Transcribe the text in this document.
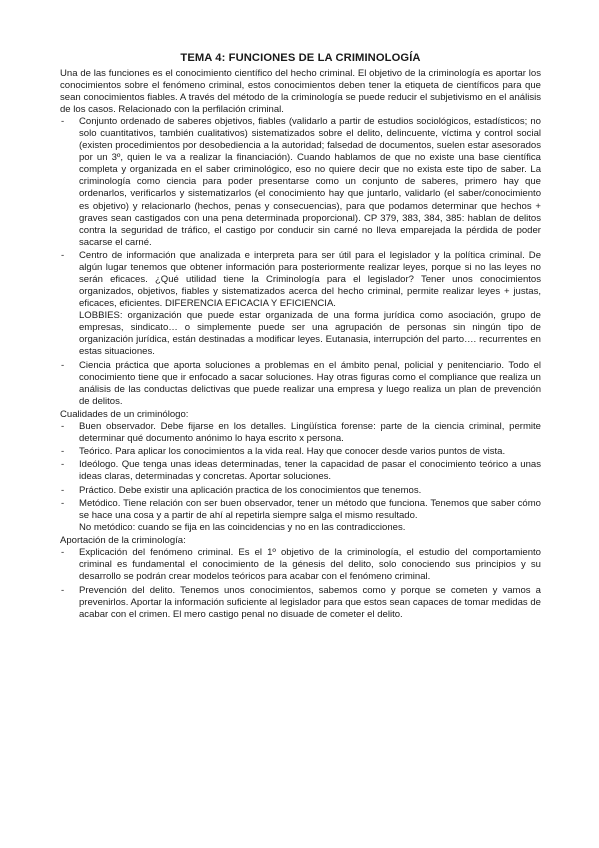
TEMA 4: FUNCIONES DE LA CRIMINOLOGÍA

Una de las funciones es el conocimiento científico del hecho criminal. El objetivo de la criminología es aportar los conocimientos sobre el fenómeno criminal, estos conocimientos deben tener la etiqueta de científicos para que sean conocimientos fiables. A través del método de la criminología se puede reducir el subjetivismo en el análisis de los casos. Relacionado con la perfilación criminal.

- Conjunto ordenado de saberes objetivos, fiables (validarlo a partir de estudios sociológicos, estadísticos; no solo cuantitativos, también cualitativos) sistematizados sobre el delito, delincuente, víctima y control social (existen procedimientos por desobediencia a la autoridad; falsedad de documentos, suelen estar asesorados por un 3º, quien le va a realizar la financiación). Cuando hablamos de que no existe una base científica completa y organizada en el saber criminológico, eso no quiere decir que no exista este tipo de saber. La criminología como ciencia para poder presentarse como un conjunto de saberes, primero hay que ordenarlos, verificarlos y sistematizarlos (el conocimiento hay que juntarlo, validarlo (el saber/conocimiento es objetivo) y relacionarlo (hechos, penas y consecuencias), para que podamos determinar que hechos + graves sean castigados con una pena determinada proporcional). CP 379, 383, 384, 385: hablan de delitos contra la seguridad de tráfico, el castigo por conducir sin carné no lleva emparejada la pérdida de poder sacarse el carné.
- Centro de información que analizada e interpreta para ser útil para el legislador y la política criminal. De algún lugar tenemos que obtener información para posteriormente realizar leyes, porque si no las leyes no serán eficaces. ¿Qué utilidad tiene la Criminología para el legislador? Tener unos conocimientos organizados, objetivos, fiables y sistematizados acerca del hecho criminal, permite realizar leyes + justas, eficaces, eficientes. DIFERENCIA EFICACIA Y EFICIENCIA.
LOBBIES: organización que puede estar organizada de una forma jurídica como asociación, grupo de empresas, sindicato… o simplemente puede ser una agrupación de personas sin ningún tipo de organización jurídica, están destinadas a modificar leyes. Eutanasia, interrupción del parto…. recurrentes en estas situaciones.
- Ciencia práctica que aporta soluciones a problemas en el ámbito penal, policial y penitenciario. Todo el conocimiento tiene que ir enfocado a sacar soluciones. Hay otras figuras como el compliance que realiza un análisis de las conductas delictivas que puede realizar una empresa y luego realiza un plan de prevención de delitos.

Cualidades de un criminólogo:

- Buen observador. Debe fijarse en los detalles. Lingüística forense: parte de la ciencia criminal, permite determinar qué documento anónimo lo haya escrito x persona.
- Teórico. Para aplicar los conocimientos a la vida real. Hay que conocer desde varios puntos de vista.
- Ideólogo. Que tenga unas ideas determinadas, tener la capacidad de pasar el conocimiento teórico a unas ideas claras, determinadas y concretas. Aportar soluciones.
- Práctico. Debe existir una aplicación practica de los conocimientos que tenemos.
- Metódico. Tiene relación con ser buen observador, tener un método que funciona. Tenemos que saber cómo se hace una cosa y a partir de ahí al repetirla siempre salga el mismo resultado.
No metódico: cuando se fija en las coincidencias y no en las contradicciones.

Aportación de la criminología:

- Explicación del fenómeno criminal. Es el 1º objetivo de la criminología, el estudio del comportamiento criminal es fundamental el conocimiento de la génesis del delito, solo conociendo sus principios y su desarrollo se podrán crear modelos teóricos para acabar con el fenómeno criminal.
- Prevención del delito. Tenemos unos conocimientos, sabemos como y porque se cometen y vamos a prevenirlos. Aportar la información suficiente al legislador para que estos sean capaces de tomar medidas de acabar con el crimen. El mero castigo penal no disuade de cometer el delito.
